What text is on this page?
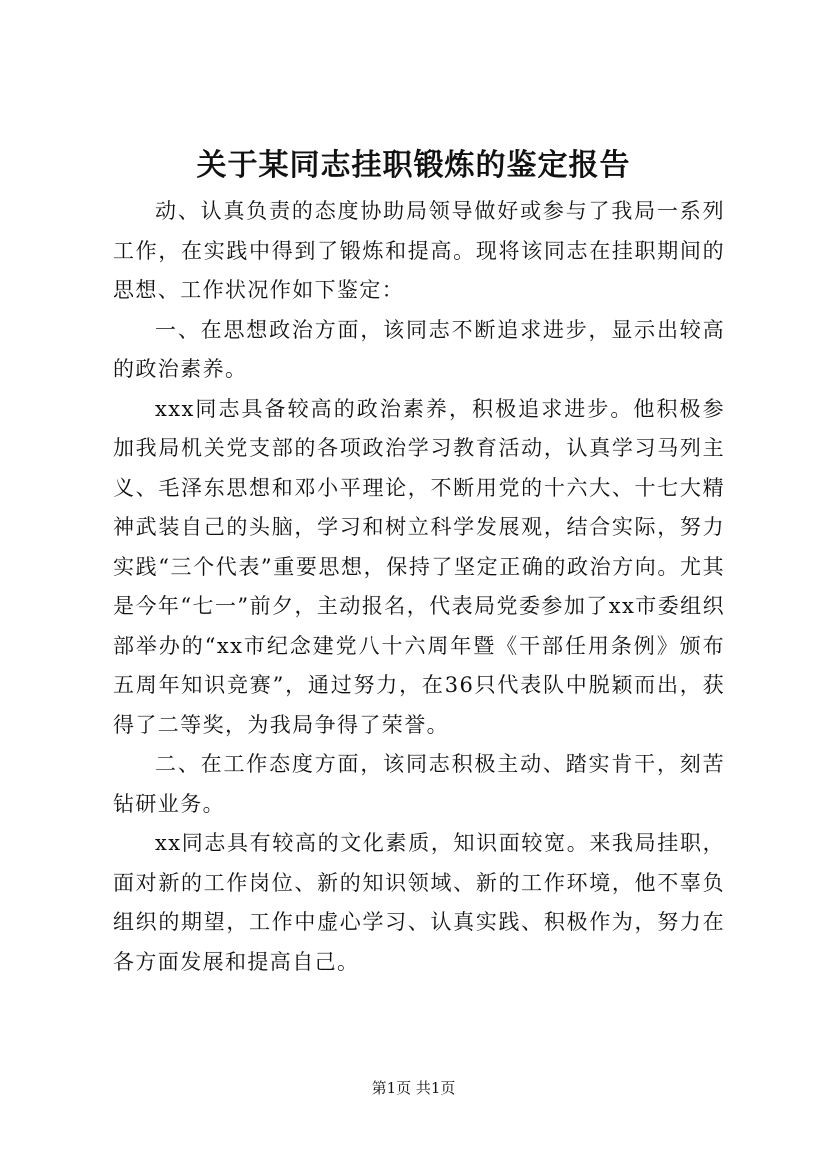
关于某同志挂职锻炼的鉴定报告

动、认真负责的态度协助局领导做好或参与了我局一系列工作，在实践中得到了锻炼和提高。现将该同志在挂职期间的思想、工作状况作如下鉴定：

一、在思想政治方面，该同志不断追求进步，显示出较高的政治素养。

xxx同志具备较高的政治素养，积极追求进步。他积极参加我局机关党支部的各项政治学习教育活动，认真学习马列主义、毛泽东思想和邓小平理论，不断用党的十六大、十七大精神武装自己的头脑，学习和树立科学发展观，结合实际，努力实践“三个代表”重要思想，保持了坚定正确的政治方向。尤其是今年“七一”前夕，主动报名，代表局党委参加了xx市委组织部举办的“xx市纪念建党八十六周年暨《干部任用条例》颁布五周年知识竞赛”，通过努力，在36只代表队中脱颖而出，获得了二等奖，为我局争得了荣誉。

二、在工作态度方面，该同志积极主动、踏实肯干，刻苦钻研业务。

xx同志具有较高的文化素质，知识面较宽。来我局挂职，面对新的工作岗位、新的知识领域、新的工作环境，他不辜负组织的期望，工作中虚心学习、认真实践、积极作为，努力在各方面发展和提高自己。

第1页 共1页
